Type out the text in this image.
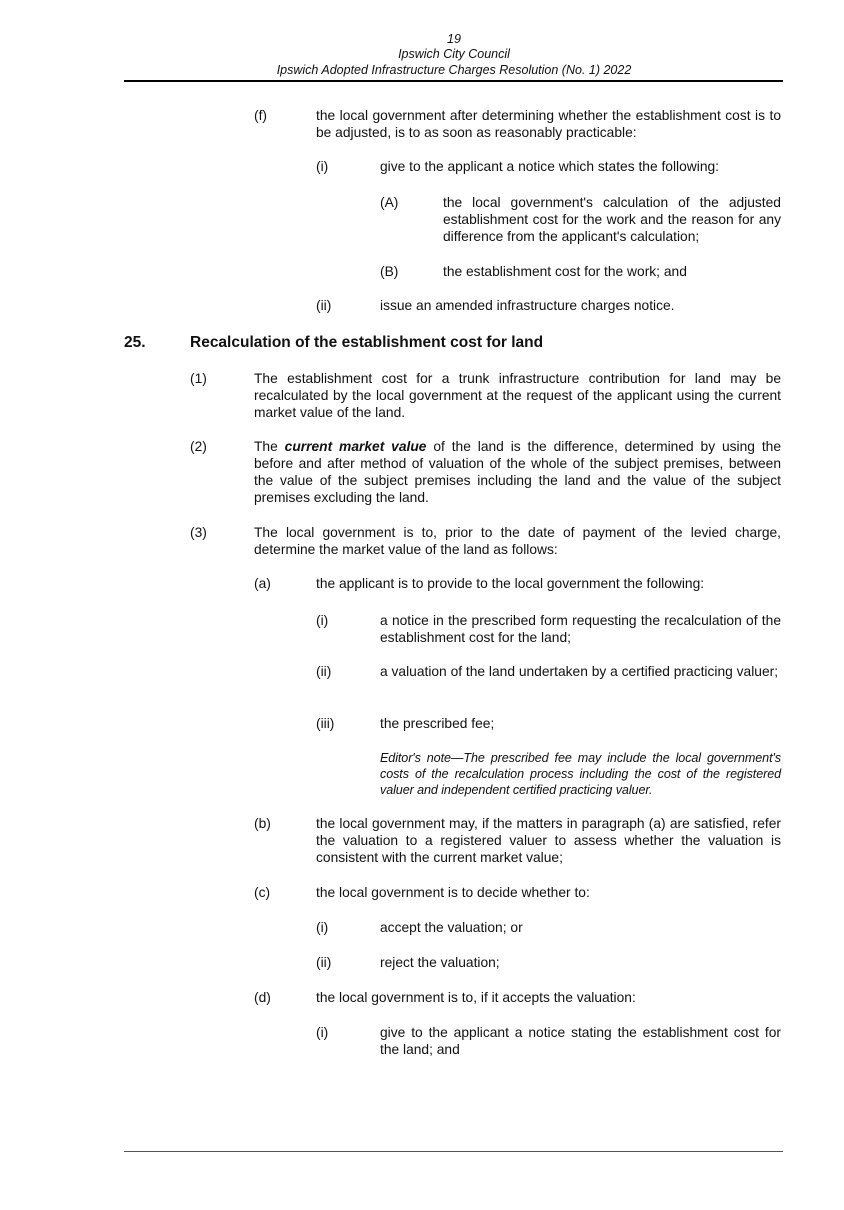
19
Ipswich City Council
Ipswich Adopted Infrastructure Charges Resolution (No. 1) 2022
(f)	the local government after determining whether the establishment cost is to be adjusted, is to as soon as reasonably practicable:
(i)	give to the applicant a notice which states the following:
(A)	the local government's calculation of the adjusted establishment cost for the work and the reason for any difference from the applicant's calculation;
(B)	the establishment cost for the work; and
(ii)	issue an amended infrastructure charges notice.
25.	Recalculation of the establishment cost for land
(1)	The establishment cost for a trunk infrastructure contribution for land may be recalculated by the local government at the request of the applicant using the current market value of the land.
(2)	The current market value of the land is the difference, determined by using the before and after method of valuation of the whole of the subject premises, between the value of the subject premises including the land and the value of the subject premises excluding the land.
(3)	The local government is to, prior to the date of payment of the levied charge, determine the market value of the land as follows:
(a)	the applicant is to provide to the local government the following:
(i)	a notice in the prescribed form requesting the recalculation of the establishment cost for the land;
(ii)	a valuation of the land undertaken by a certified practicing valuer;
(iii)	the prescribed fee;
Editor's note—The prescribed fee may include the local government's costs of the recalculation process including the cost of the registered valuer and independent certified practicing valuer.
(b)	the local government may, if the matters in paragraph (a) are satisfied, refer the valuation to a registered valuer to assess whether the valuation is consistent with the current market value;
(c)	the local government is to decide whether to:
(i)	accept the valuation; or
(ii)	reject the valuation;
(d)	the local government is to, if it accepts the valuation:
(i)	give to the applicant a notice stating the establishment cost for the land; and
